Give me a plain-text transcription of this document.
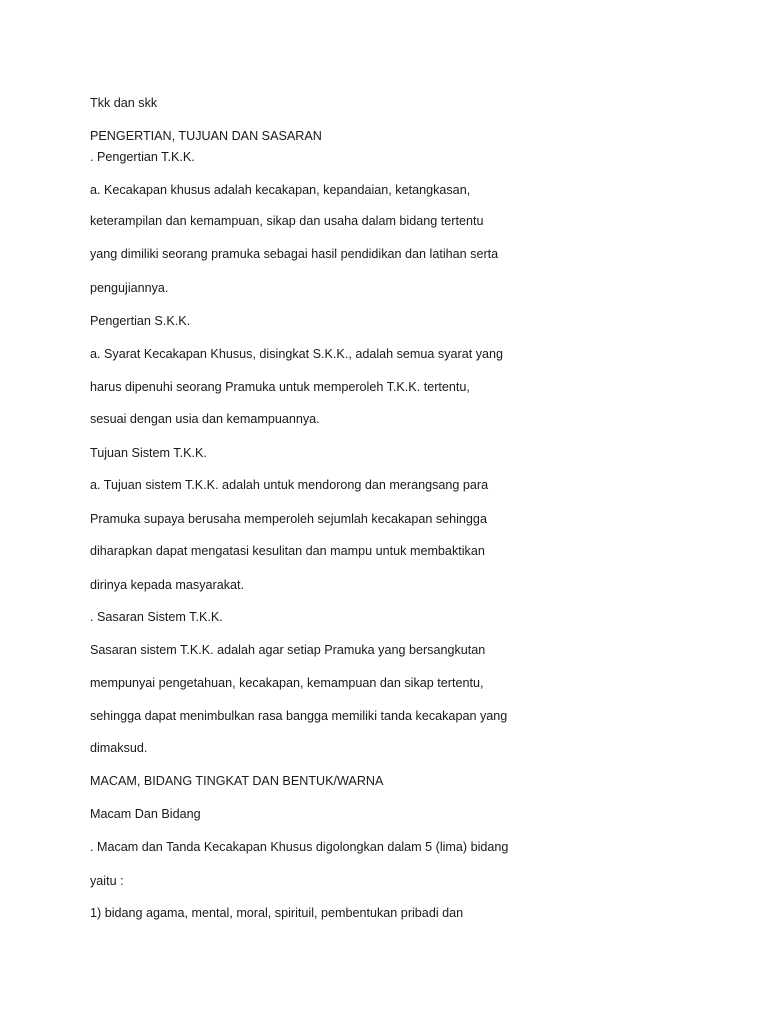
Tkk dan skk
PENGERTIAN, TUJUAN DAN SASARAN
. Pengertian T.K.K.
a. Kecakapan khusus adalah kecakapan, kepandaian, ketangkasan,
keterampilan dan kemampuan, sikap dan usaha dalam bidang tertentu
yang dimiliki seorang pramuka sebagai hasil pendidikan dan latihan serta
pengujiannya.
Pengertian S.K.K.
a. Syarat Kecakapan Khusus, disingkat S.K.K., adalah semua syarat yang
harus dipenuhi seorang Pramuka untuk memperoleh T.K.K. tertentu,
sesuai dengan usia dan kemampuannya.
Tujuan Sistem T.K.K.
a. Tujuan sistem T.K.K. adalah untuk mendorong dan merangsang para
Pramuka supaya berusaha memperoleh sejumlah kecakapan sehingga
diharapkan dapat mengatasi kesulitan dan mampu untuk membaktikan
dirinya kepada masyarakat.
. Sasaran Sistem T.K.K.
Sasaran sistem T.K.K. adalah agar setiap Pramuka yang bersangkutan
mempunyai pengetahuan, kecakapan, kemampuan dan sikap tertentu,
sehingga dapat menimbulkan rasa bangga memiliki tanda kecakapan yang
dimaksud.
MACAM, BIDANG TINGKAT DAN BENTUK/WARNA
Macam Dan Bidang
. Macam dan Tanda Kecakapan Khusus digolongkan dalam 5 (lima) bidang
yaitu :
1) bidang agama, mental, moral, spirituil, pembentukan pribadi dan
